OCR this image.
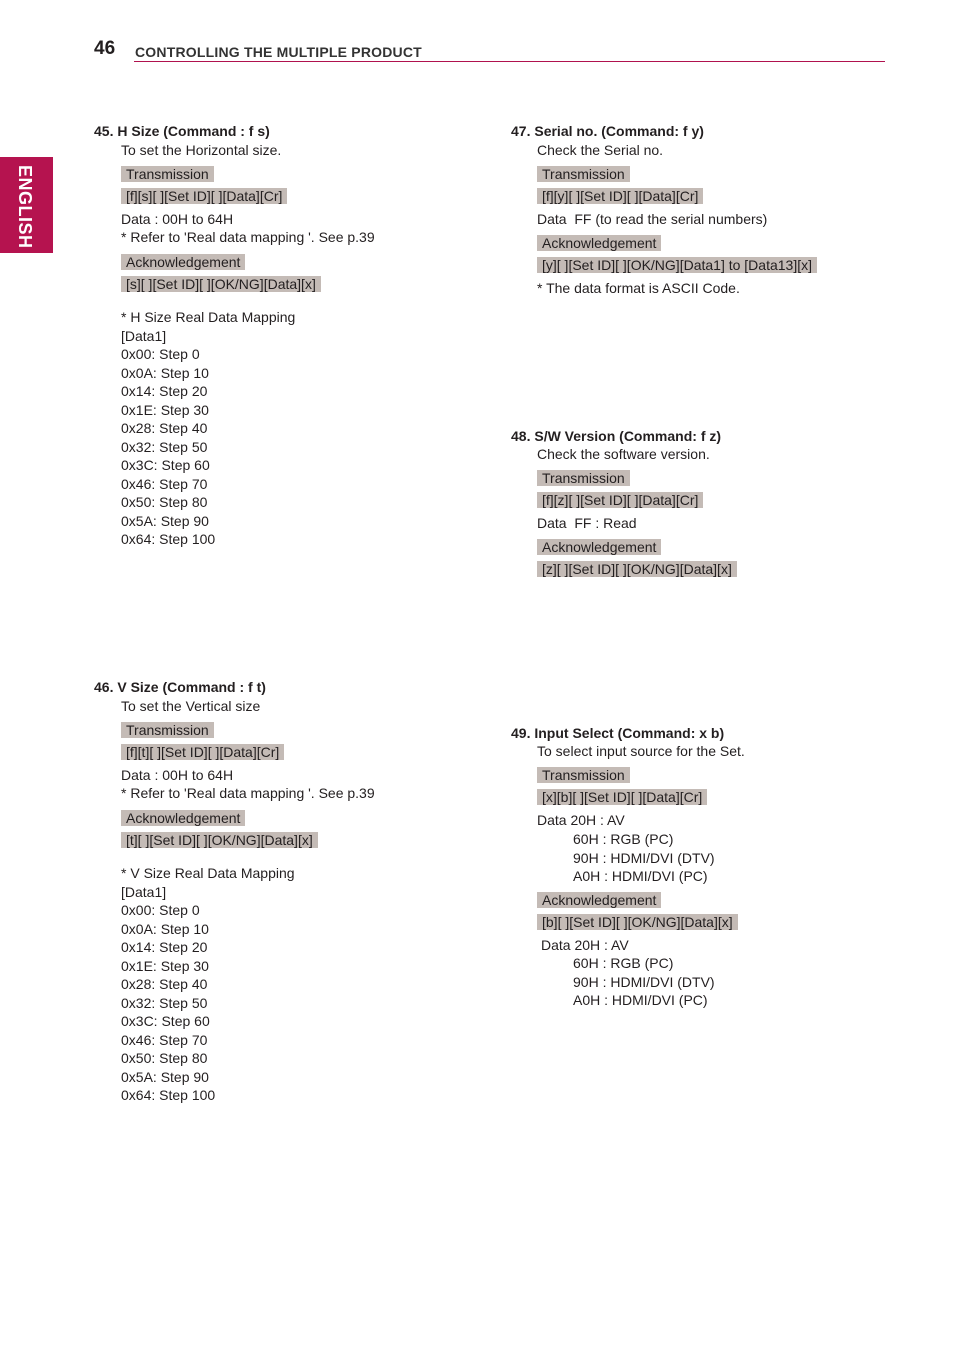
46 CONTROLLING THE MULTIPLE PRODUCT
ENGLISH
45. H Size (Command : f s)
To set the Horizontal size.
Transmission
[f][s][ ][Set ID][ ][Data][Cr]
Data : 00H to 64H
* Refer to 'Real data mapping '. See p.39
Acknowledgement
[s][ ][Set ID][ ][OK/NG][Data][x]
* H Size Real Data Mapping
[Data1]
0x00: Step 0
0x0A: Step 10
0x14: Step 20
0x1E: Step 30
0x28: Step 40
0x32: Step 50
0x3C: Step 60
0x46: Step 70
0x50: Step 80
0x5A: Step 90
0x64: Step 100
46. V Size (Command : f t)
To set the Vertical size
Transmission
[f][t][ ][Set ID][ ][Data][Cr]
Data : 00H to 64H
* Refer to 'Real data mapping '. See p.39
Acknowledgement
[t][ ][Set ID][ ][OK/NG][Data][x]
* V Size Real Data Mapping
[Data1]
0x00: Step 0
0x0A: Step 10
0x14: Step 20
0x1E: Step 30
0x28: Step 40
0x32: Step 50
0x3C: Step 60
0x46: Step 70
0x50: Step 80
0x5A: Step 90
0x64: Step 100
47. Serial no. (Command: f y)
Check the Serial no.
Transmission
[f][y][ ][Set ID][ ][Data][Cr]
Data  FF (to read the serial numbers)
Acknowledgement
[y][ ][Set ID][ ][OK/NG][Data1] to [Data13][x]
* The data format is ASCII Code.
48. S/W Version (Command: f z)
Check the software version.
Transmission
[f][z][ ][Set ID][ ][Data][Cr]
Data  FF : Read
Acknowledgement
[z][ ][Set ID][ ][OK/NG][Data][x]
49. Input Select (Command: x b)
To select input source for the Set.
Transmission
[x][b][ ][Set ID][ ][Data][Cr]
Data 20H : AV
60H : RGB (PC)
90H : HDMI/DVI (DTV)
A0H : HDMI/DVI (PC)
Acknowledgement
[b][ ][Set ID][ ][OK/NG][Data][x]
Data 20H : AV
60H : RGB (PC)
90H : HDMI/DVI (DTV)
A0H : HDMI/DVI (PC)
